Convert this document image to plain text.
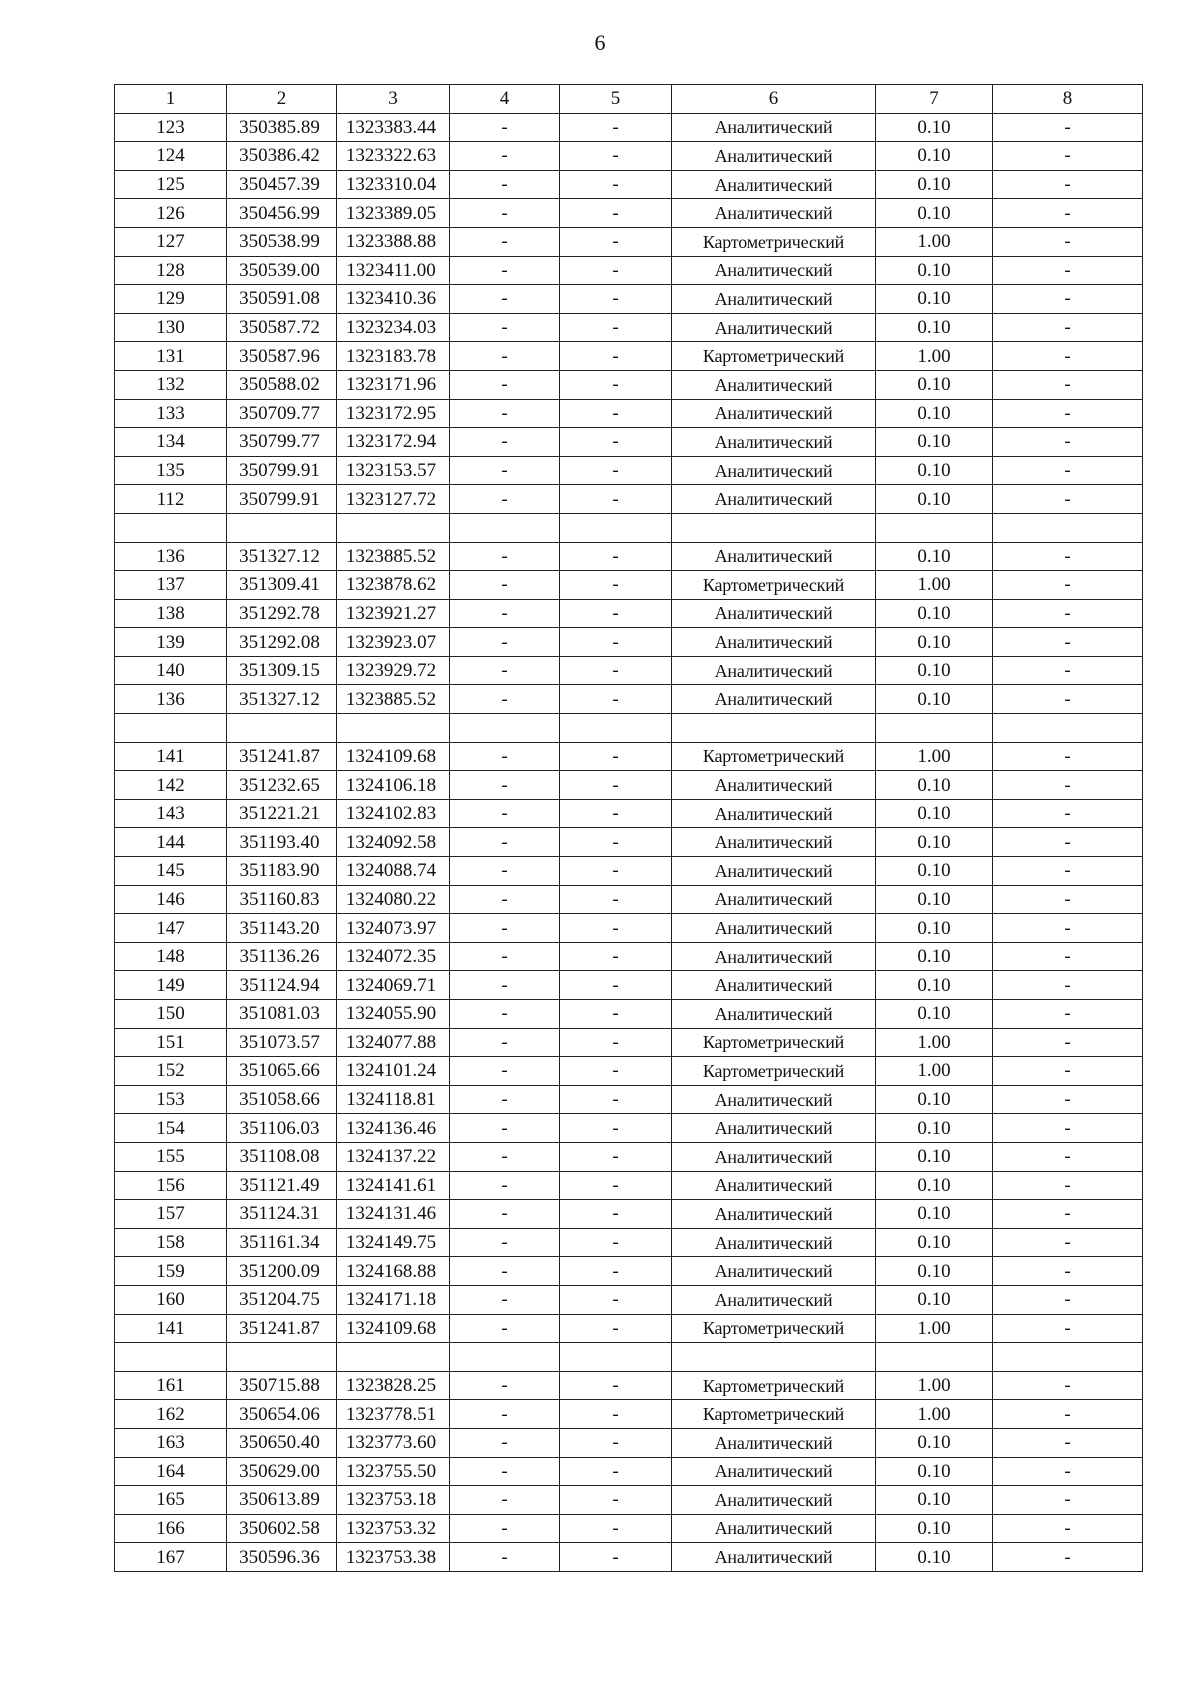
6
1	2	3	4	5	6	7	8
123	350385.89	1323383.44	-	-	Аналитический	0.10	-
124	350386.42	1323322.63	-	-	Аналитический	0.10	-
125	350457.39	1323310.04	-	-	Аналитический	0.10	-
126	350456.99	1323389.05	-	-	Аналитический	0.10	-
127	350538.99	1323388.88	-	-	Картометрический	1.00	-
128	350539.00	1323411.00	-	-	Аналитический	0.10	-
129	350591.08	1323410.36	-	-	Аналитический	0.10	-
130	350587.72	1323234.03	-	-	Аналитический	0.10	-
131	350587.96	1323183.78	-	-	Картометрический	1.00	-
132	350588.02	1323171.96	-	-	Аналитический	0.10	-
133	350709.77	1323172.95	-	-	Аналитический	0.10	-
134	350799.77	1323172.94	-	-	Аналитический	0.10	-
135	350799.91	1323153.57	-	-	Аналитический	0.10	-
112	350799.91	1323127.72	-	-	Аналитический	0.10	-

136	351327.12	1323885.52	-	-	Аналитический	0.10	-
137	351309.41	1323878.62	-	-	Картометрический	1.00	-
138	351292.78	1323921.27	-	-	Аналитический	0.10	-
139	351292.08	1323923.07	-	-	Аналитический	0.10	-
140	351309.15	1323929.72	-	-	Аналитический	0.10	-
136	351327.12	1323885.52	-	-	Аналитический	0.10	-

141	351241.87	1324109.68	-	-	Картометрический	1.00	-
142	351232.65	1324106.18	-	-	Аналитический	0.10	-
143	351221.21	1324102.83	-	-	Аналитический	0.10	-
144	351193.40	1324092.58	-	-	Аналитический	0.10	-
145	351183.90	1324088.74	-	-	Аналитический	0.10	-
146	351160.83	1324080.22	-	-	Аналитический	0.10	-
147	351143.20	1324073.97	-	-	Аналитический	0.10	-
148	351136.26	1324072.35	-	-	Аналитический	0.10	-
149	351124.94	1324069.71	-	-	Аналитический	0.10	-
150	351081.03	1324055.90	-	-	Аналитический	0.10	-
151	351073.57	1324077.88	-	-	Картометрический	1.00	-
152	351065.66	1324101.24	-	-	Картометрический	1.00	-
153	351058.66	1324118.81	-	-	Аналитический	0.10	-
154	351106.03	1324136.46	-	-	Аналитический	0.10	-
155	351108.08	1324137.22	-	-	Аналитический	0.10	-
156	351121.49	1324141.61	-	-	Аналитический	0.10	-
157	351124.31	1324131.46	-	-	Аналитический	0.10	-
158	351161.34	1324149.75	-	-	Аналитический	0.10	-
159	351200.09	1324168.88	-	-	Аналитический	0.10	-
160	351204.75	1324171.18	-	-	Аналитический	0.10	-
141	351241.87	1324109.68	-	-	Картометрический	1.00	-

161	350715.88	1323828.25	-	-	Картометрический	1.00	-
162	350654.06	1323778.51	-	-	Картометрический	1.00	-
163	350650.40	1323773.60	-	-	Аналитический	0.10	-
164	350629.00	1323755.50	-	-	Аналитический	0.10	-
165	350613.89	1323753.18	-	-	Аналитический	0.10	-
166	350602.58	1323753.32	-	-	Аналитический	0.10	-
167	350596.36	1323753.38	-	-	Аналитический	0.10	-
